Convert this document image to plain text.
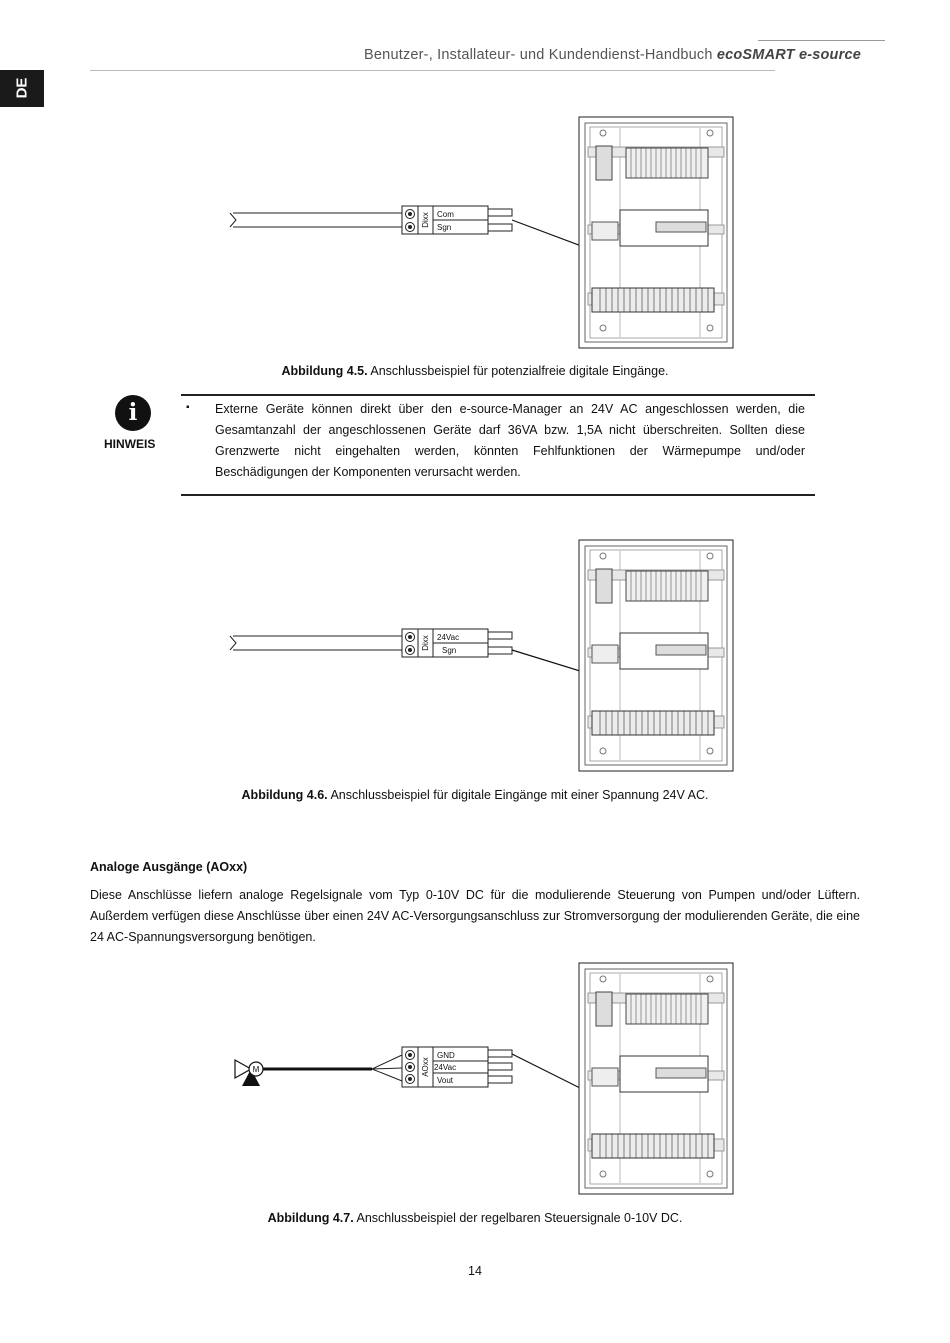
Benutzer-, Installateur- und Kundendienst-Handbuch ecoSMART e-source
DE
Dixx Com
Sgn
Abbildung 4.5. Anschlussbeispiel für potenzialfreie digitale Eingänge.
i
HINWEIS
▪ Externe Geräte können direkt über den e-source-Manager an 24V AC angeschlossen werden, die Gesamtanzahl der angeschlossenen Geräte darf 36VA bzw. 1,5A nicht überschreiten. Sollten diese Grenzwerte nicht eingehalten werden, könnten Fehlfunktionen der Wärmepumpe und/oder Beschädigungen der Komponenten verursacht werden.
Dixx 24Vac
Sgn
Abbildung 4.6. Anschlussbeispiel für digitale Eingänge mit einer Spannung 24V AC.
Analoge Ausgänge (AOxx)
Diese Anschlüsse liefern analoge Regelsignale vom Typ 0-10V DC für die modulierende Steuerung von Pumpen und/oder Lüftern. Außerdem verfügen diese Anschlüsse über einen 24V AC-Versorgungsanschluss zur Stromversorgung der modulierenden Geräte, die eine 24 AC-Spannungsversorgung benötigen.
M	AOxx
GND
24Vac
Vout
Abbildung 4.7. Anschlussbeispiel der regelbaren Steuersignale 0-10V DC.
14
